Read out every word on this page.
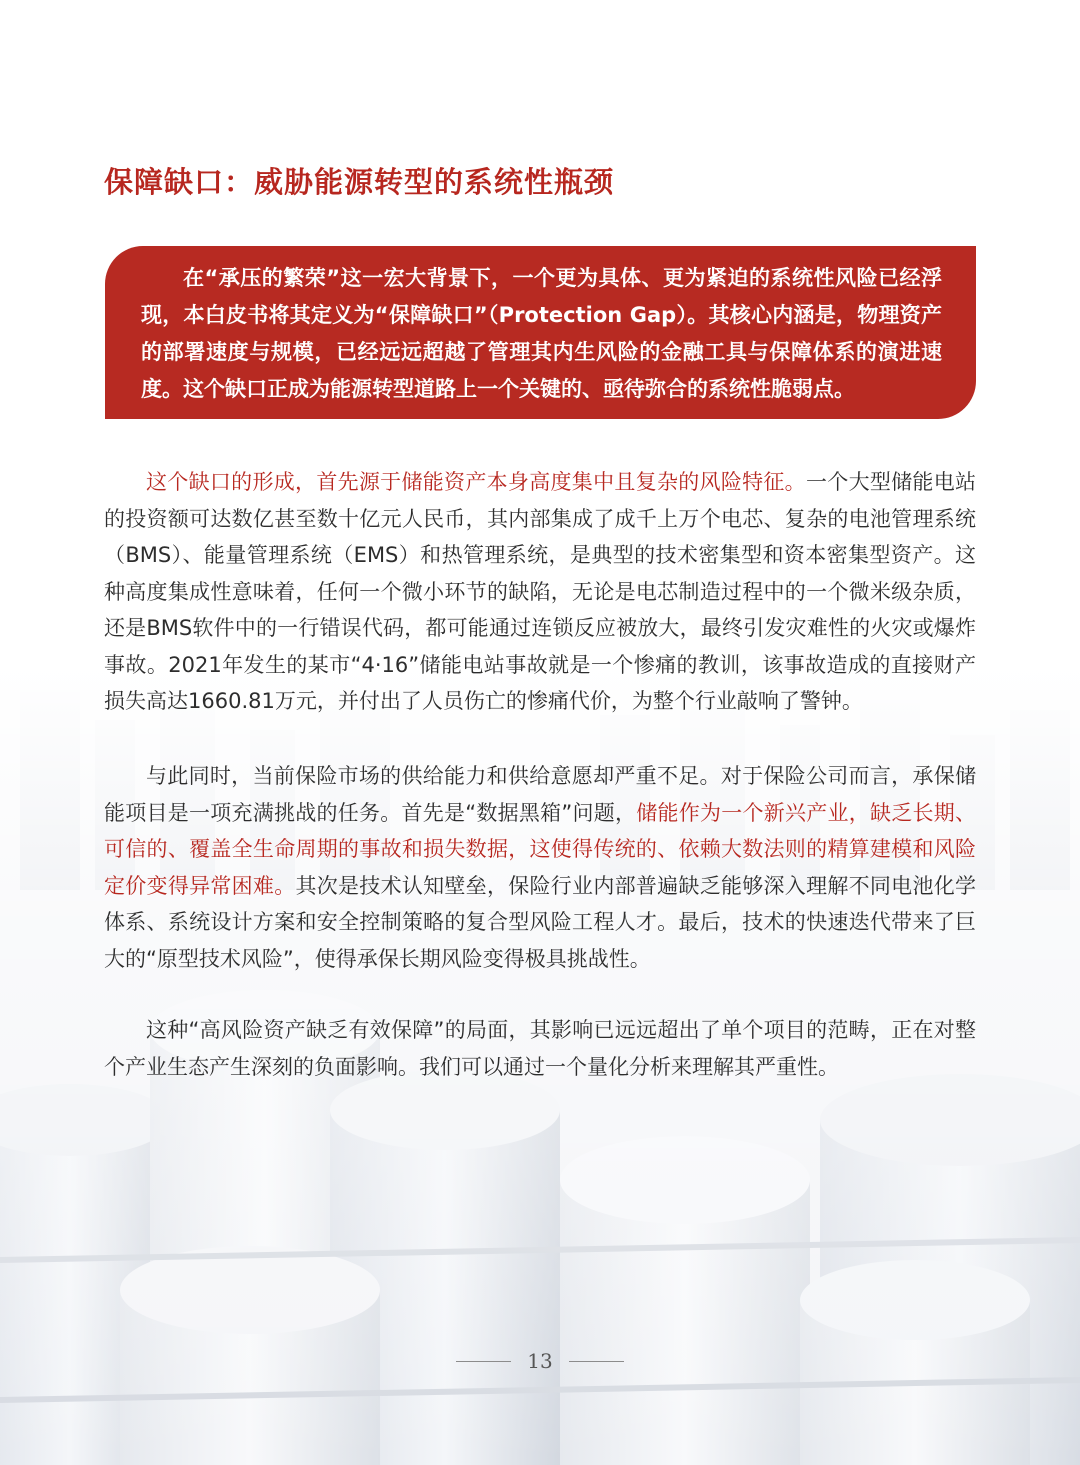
保障缺口：威胁能源转型的系统性瓶颈

在“承压的繁荣”这一宏大背景下，一个更为具体、更为紧迫的系统性风险已经浮现，本白皮书将其定义为“保障缺口”（Protection Gap）。其核心内涵是，物理资产的部署速度与规模，已经远远超越了管理其内生风险的金融工具与保障体系的演进速度。这个缺口正成为能源转型道路上一个关键的、亟待弥合的系统性脆弱点。

这个缺口的形成，首先源于储能资产本身高度集中且复杂的风险特征。一个大型储能电站的投资额可达数亿甚至数十亿元人民币，其内部集成了成千上万个电芯、复杂的电池管理系统（BMS）、能量管理系统（EMS）和热管理系统，是典型的技术密集型和资本密集型资产。这种高度集成性意味着，任何一个微小环节的缺陷，无论是电芯制造过程中的一个微米级杂质，还是BMS软件中的一行错误代码，都可能通过连锁反应被放大，最终引发灾难性的火灾或爆炸事故。2021年发生的某市“4·16”储能电站事故就是一个惨痛的教训，该事故造成的直接财产损失高达1660.81万元，并付出了人员伤亡的惨痛代价，为整个行业敲响了警钟。

与此同时，当前保险市场的供给能力和供给意愿却严重不足。对于保险公司而言，承保储能项目是一项充满挑战的任务。首先是“数据黑箱”问题，储能作为一个新兴产业，缺乏长期、可信的、覆盖全生命周期的事故和损失数据，这使得传统的、依赖大数法则的精算建模和风险定价变得异常困难。其次是技术认知壁垒，保险行业内部普遍缺乏能够深入理解不同电池化学体系、系统设计方案和安全控制策略的复合型风险工程人才。最后，技术的快速迭代带来了巨大的“原型技术风险”，使得承保长期风险变得极具挑战性。

这种“高风险资产缺乏有效保障”的局面，其影响已远远超出了单个项目的范畴，正在对整个产业生态产生深刻的负面影响。我们可以通过一个量化分析来理解其严重性。

13
